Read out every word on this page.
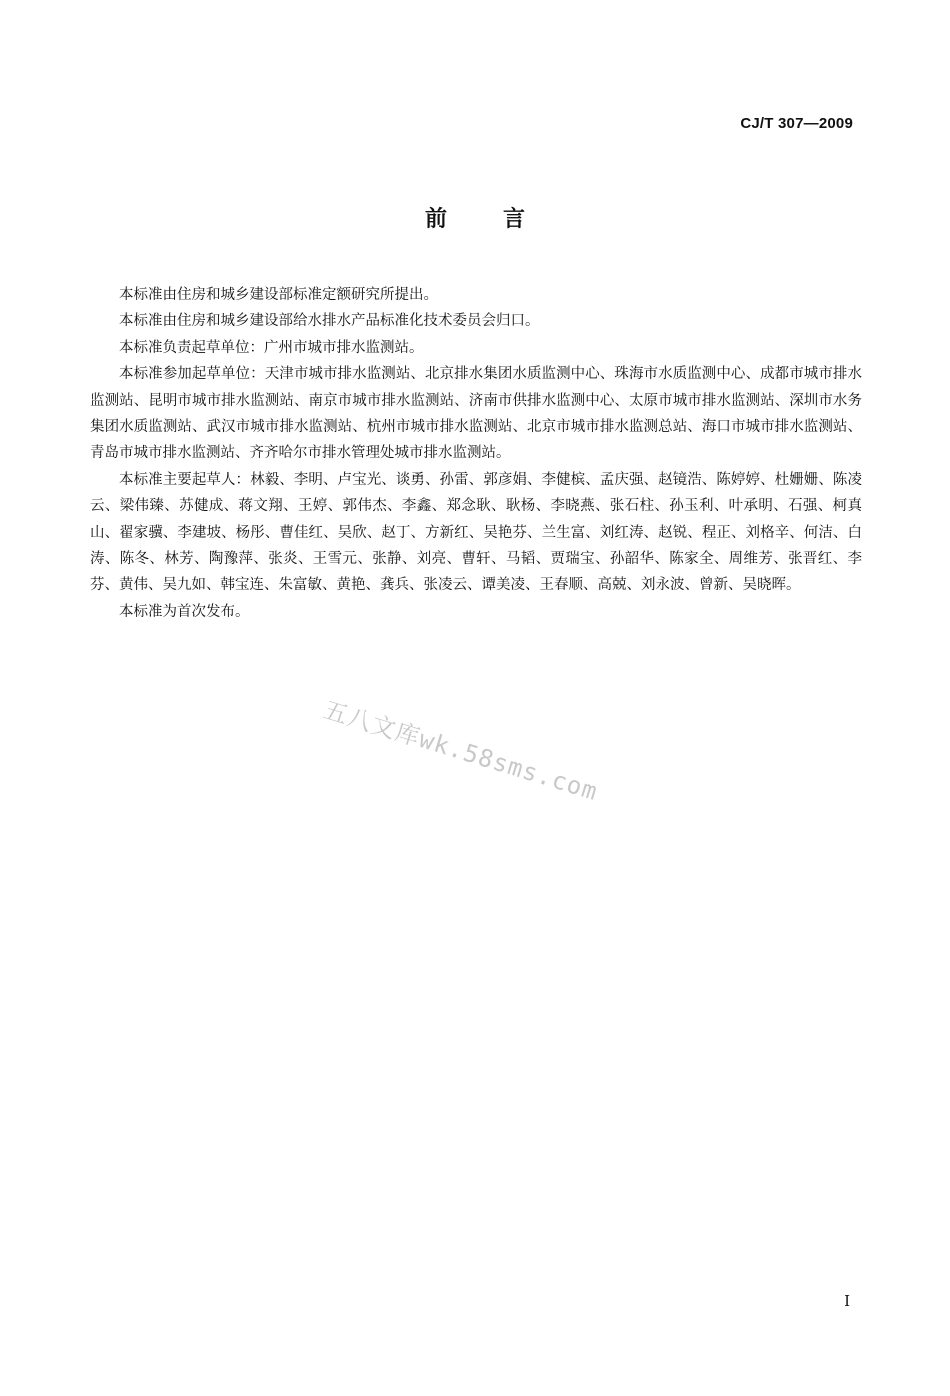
CJ/T 307—2009
前言

本标准由住房和城乡建设部标准定额研究所提出。

本标准由住房和城乡建设部给水排水产品标准化技术委员会归口。

本标准负责起草单位：广州市城市排水监测站。

本标准参加起草单位：天津市城市排水监测站、北京排水集团水质监测中心、珠海市水质监测中心、成都市城市排水监测站、昆明市城市排水监测站、南京市城市排水监测站、济南市供排水监测中心、太原市城市排水监测站、深圳市水务集团水质监测站、武汉市城市排水监测站、杭州市城市排水监测站、北京市城市排水监测总站、海口市城市排水监测站、青岛市城市排水监测站、齐齐哈尔市排水管理处城市排水监测站。

本标准主要起草人：林毅、李明、卢宝光、谈勇、孙雷、郭彦娟、李健槟、孟庆强、赵镜浩、陈婷婷、杜姗姗、陈凌云、梁伟臻、苏健成、蒋文翔、王婷、郭伟杰、李鑫、郑念耿、耿杨、李晓燕、张石柱、孙玉利、叶承明、石强、柯真山、翟家骥、李建坡、杨彤、曹佳红、吴欣、赵丁、方新红、吴艳芬、兰生富、刘红涛、赵锐、程正、刘格辛、何洁、白涛、陈冬、林芳、陶豫萍、张炎、王雪元、张静、刘亮、曹轩、马韬、贾瑞宝、孙韶华、陈家全、周维芳、张晋红、李芬、黄伟、吴九如、韩宝连、朱富敏、黄艳、龚兵、张凌云、谭美凌、王春顺、高兢、刘永波、曾新、吴晓晖。

本标准为首次发布。

五八文库wk.58sms.com
I
